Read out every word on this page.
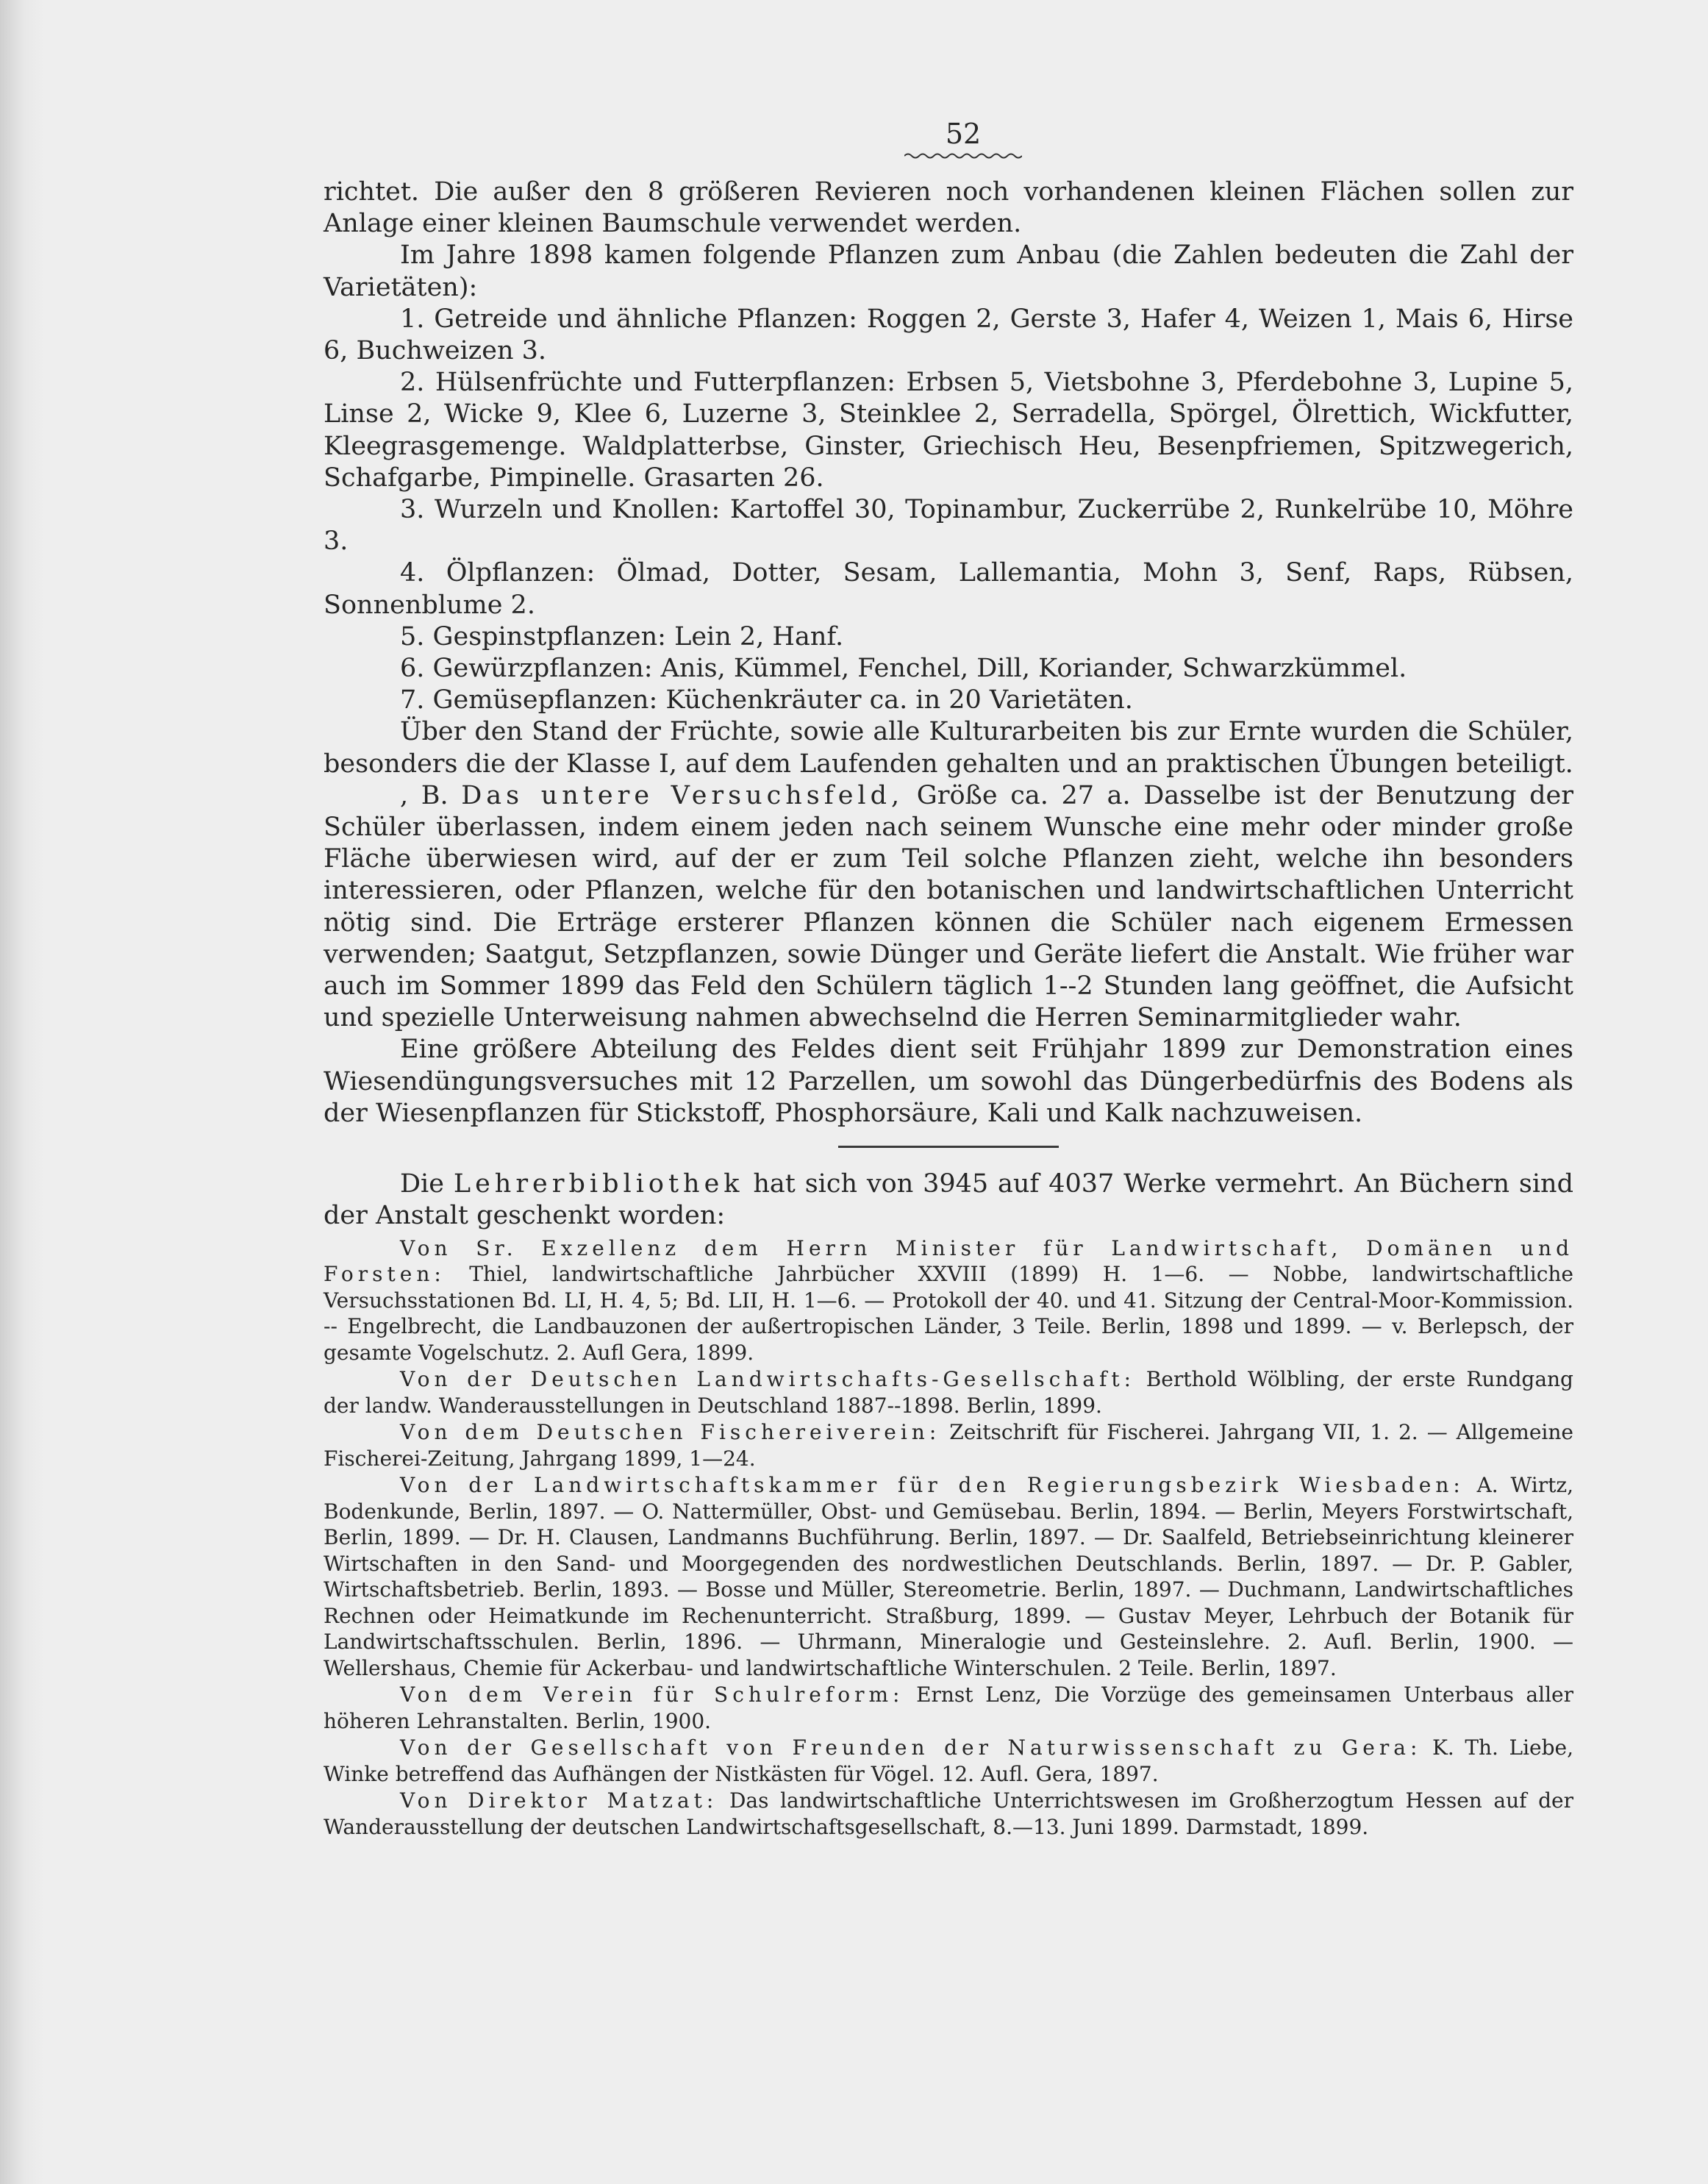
52

richtet. Die außer den 8 größeren Revieren noch vorhandenen kleinen Flächen sollen zur Anlage einer kleinen Baumschule verwendet werden.

Im Jahre 1898 kamen folgende Pflanzen zum Anbau (die Zahlen bedeuten die Zahl der Varietäten):

1. Getreide und ähnliche Pflanzen: Roggen 2, Gerste 3, Hafer 4, Weizen 1, Mais 6, Hirse 6, Buchweizen 3.

2. Hülsenfrüchte und Futterpflanzen: Erbsen 5, Vietsbohne 3, Pferdebohne 3, Lupine 5, Linse 2, Wicke 9, Klee 6, Luzerne 3, Steinklee 2, Serradella, Spörgel, Ölrettich, Wickfutter, Kleegrasgemenge. Waldplatterbse, Ginster, Griechisch Heu, Besenpfriemen, Spitzwegerich, Schafgarbe, Pimpinelle. Grasarten 26.

3. Wurzeln und Knollen: Kartoffel 30, Topinambur, Zuckerrübe 2, Runkelrübe 10, Möhre 3.

4. Ölpflanzen: Ölmad, Dotter, Sesam, Lallemantia, Mohn 3, Senf, Raps, Rübsen, Sonnenblume 2.

5. Gespinstpflanzen: Lein 2, Hanf.

6. Gewürzpflanzen: Anis, Kümmel, Fenchel, Dill, Koriander, Schwarzkümmel.

7. Gemüsepflanzen: Küchenkräuter ca. in 20 Varietäten.

Über den Stand der Früchte, sowie alle Kulturarbeiten bis zur Ernte wurden die Schüler, besonders die der Klasse I, auf dem Laufenden gehalten und an praktischen Übungen beteiligt.

, B. Das untere Versuchsfeld, Größe ca. 27 a. Dasselbe ist der Benutzung der Schüler überlassen, indem einem jeden nach seinem Wunsche eine mehr oder minder große Fläche überwiesen wird, auf der er zum Teil solche Pflanzen zieht, welche ihn besonders interessieren, oder Pflanzen, welche für den botanischen und landwirtschaftlichen Unterricht nötig sind. Die Erträge ersterer Pflanzen können die Schüler nach eigenem Ermessen verwenden; Saatgut, Setzpflanzen, sowie Dünger und Geräte liefert die Anstalt. Wie früher war auch im Sommer 1899 das Feld den Schülern täglich 1--2 Stunden lang geöffnet, die Aufsicht und spezielle Unterweisung nahmen abwechselnd die Herren Seminarmitglieder wahr.

Eine größere Abteilung des Feldes dient seit Frühjahr 1899 zur Demonstration eines Wiesendüngungsversuches mit 12 Parzellen, um sowohl das Düngerbedürfnis des Bodens als der Wiesenpflanzen für Stickstoff, Phosphorsäure, Kali und Kalk nachzuweisen.

Die Lehrerbibliothek hat sich von 3945 auf 4037 Werke vermehrt. An Büchern sind der Anstalt geschenkt worden:

Von Sr. Exzellenz dem Herrn Minister für Landwirtschaft, Domänen und Forsten: Thiel, landwirtschaftliche Jahrbücher XXVIII (1899) H. 1—6. — Nobbe, landwirtschaftliche Versuchsstationen Bd. LI, H. 4, 5; Bd. LII, H. 1—6. — Protokoll der 40. und 41. Sitzung der Central-Moor-Kommission. -- Engelbrecht, die Landbauzonen der außertropischen Länder, 3 Teile. Berlin, 1898 und 1899. — v. Berlepsch, der gesamte Vogelschutz. 2. Aufl Gera, 1899.

Von der Deutschen Landwirtschafts-Gesellschaft: Berthold Wölbling, der erste Rundgang der landw. Wanderausstellungen in Deutschland 1887--1898. Berlin, 1899.

Von dem Deutschen Fischereiverein: Zeitschrift für Fischerei. Jahrgang VII, 1. 2. — Allgemeine Fischerei-Zeitung, Jahrgang 1899, 1—24.

Von der Landwirtschaftskammer für den Regierungsbezirk Wiesbaden: A. Wirtz, Bodenkunde, Berlin, 1897. — O. Nattermüller, Obst- und Gemüsebau. Berlin, 1894. — Berlin, Meyers Forstwirtschaft, Berlin, 1899. — Dr. H. Clausen, Landmanns Buchführung. Berlin, 1897. — Dr. Saalfeld, Betriebseinrichtung kleinerer Wirtschaften in den Sand- und Moorgegenden des nordwestlichen Deutschlands. Berlin, 1897. — Dr. P. Gabler, Wirtschaftsbetrieb. Berlin, 1893. — Bosse und Müller, Stereometrie. Berlin, 1897. — Duchmann, Landwirtschaftliches Rechnen oder Heimatkunde im Rechenunterricht. Straßburg, 1899. — Gustav Meyer, Lehrbuch der Botanik für Landwirtschaftsschulen. Berlin, 1896. — Uhrmann, Mineralogie und Gesteinslehre. 2. Aufl. Berlin, 1900. — Wellershaus, Chemie für Ackerbau- und landwirtschaftliche Winterschulen. 2 Teile. Berlin, 1897.

Von dem Verein für Schulreform: Ernst Lenz, Die Vorzüge des gemeinsamen Unterbaus aller höheren Lehranstalten. Berlin, 1900.

Von der Gesellschaft von Freunden der Naturwissenschaft zu Gera: K. Th. Liebe, Winke betreffend das Aufhängen der Nistkästen für Vögel. 12. Aufl. Gera, 1897.

Von Direktor Matzat: Das landwirtschaftliche Unterrichtswesen im Großherzogtum Hessen auf der Wanderausstellung der deutschen Landwirtschaftsgesellschaft, 8.—13. Juni 1899. Darmstadt, 1899.
